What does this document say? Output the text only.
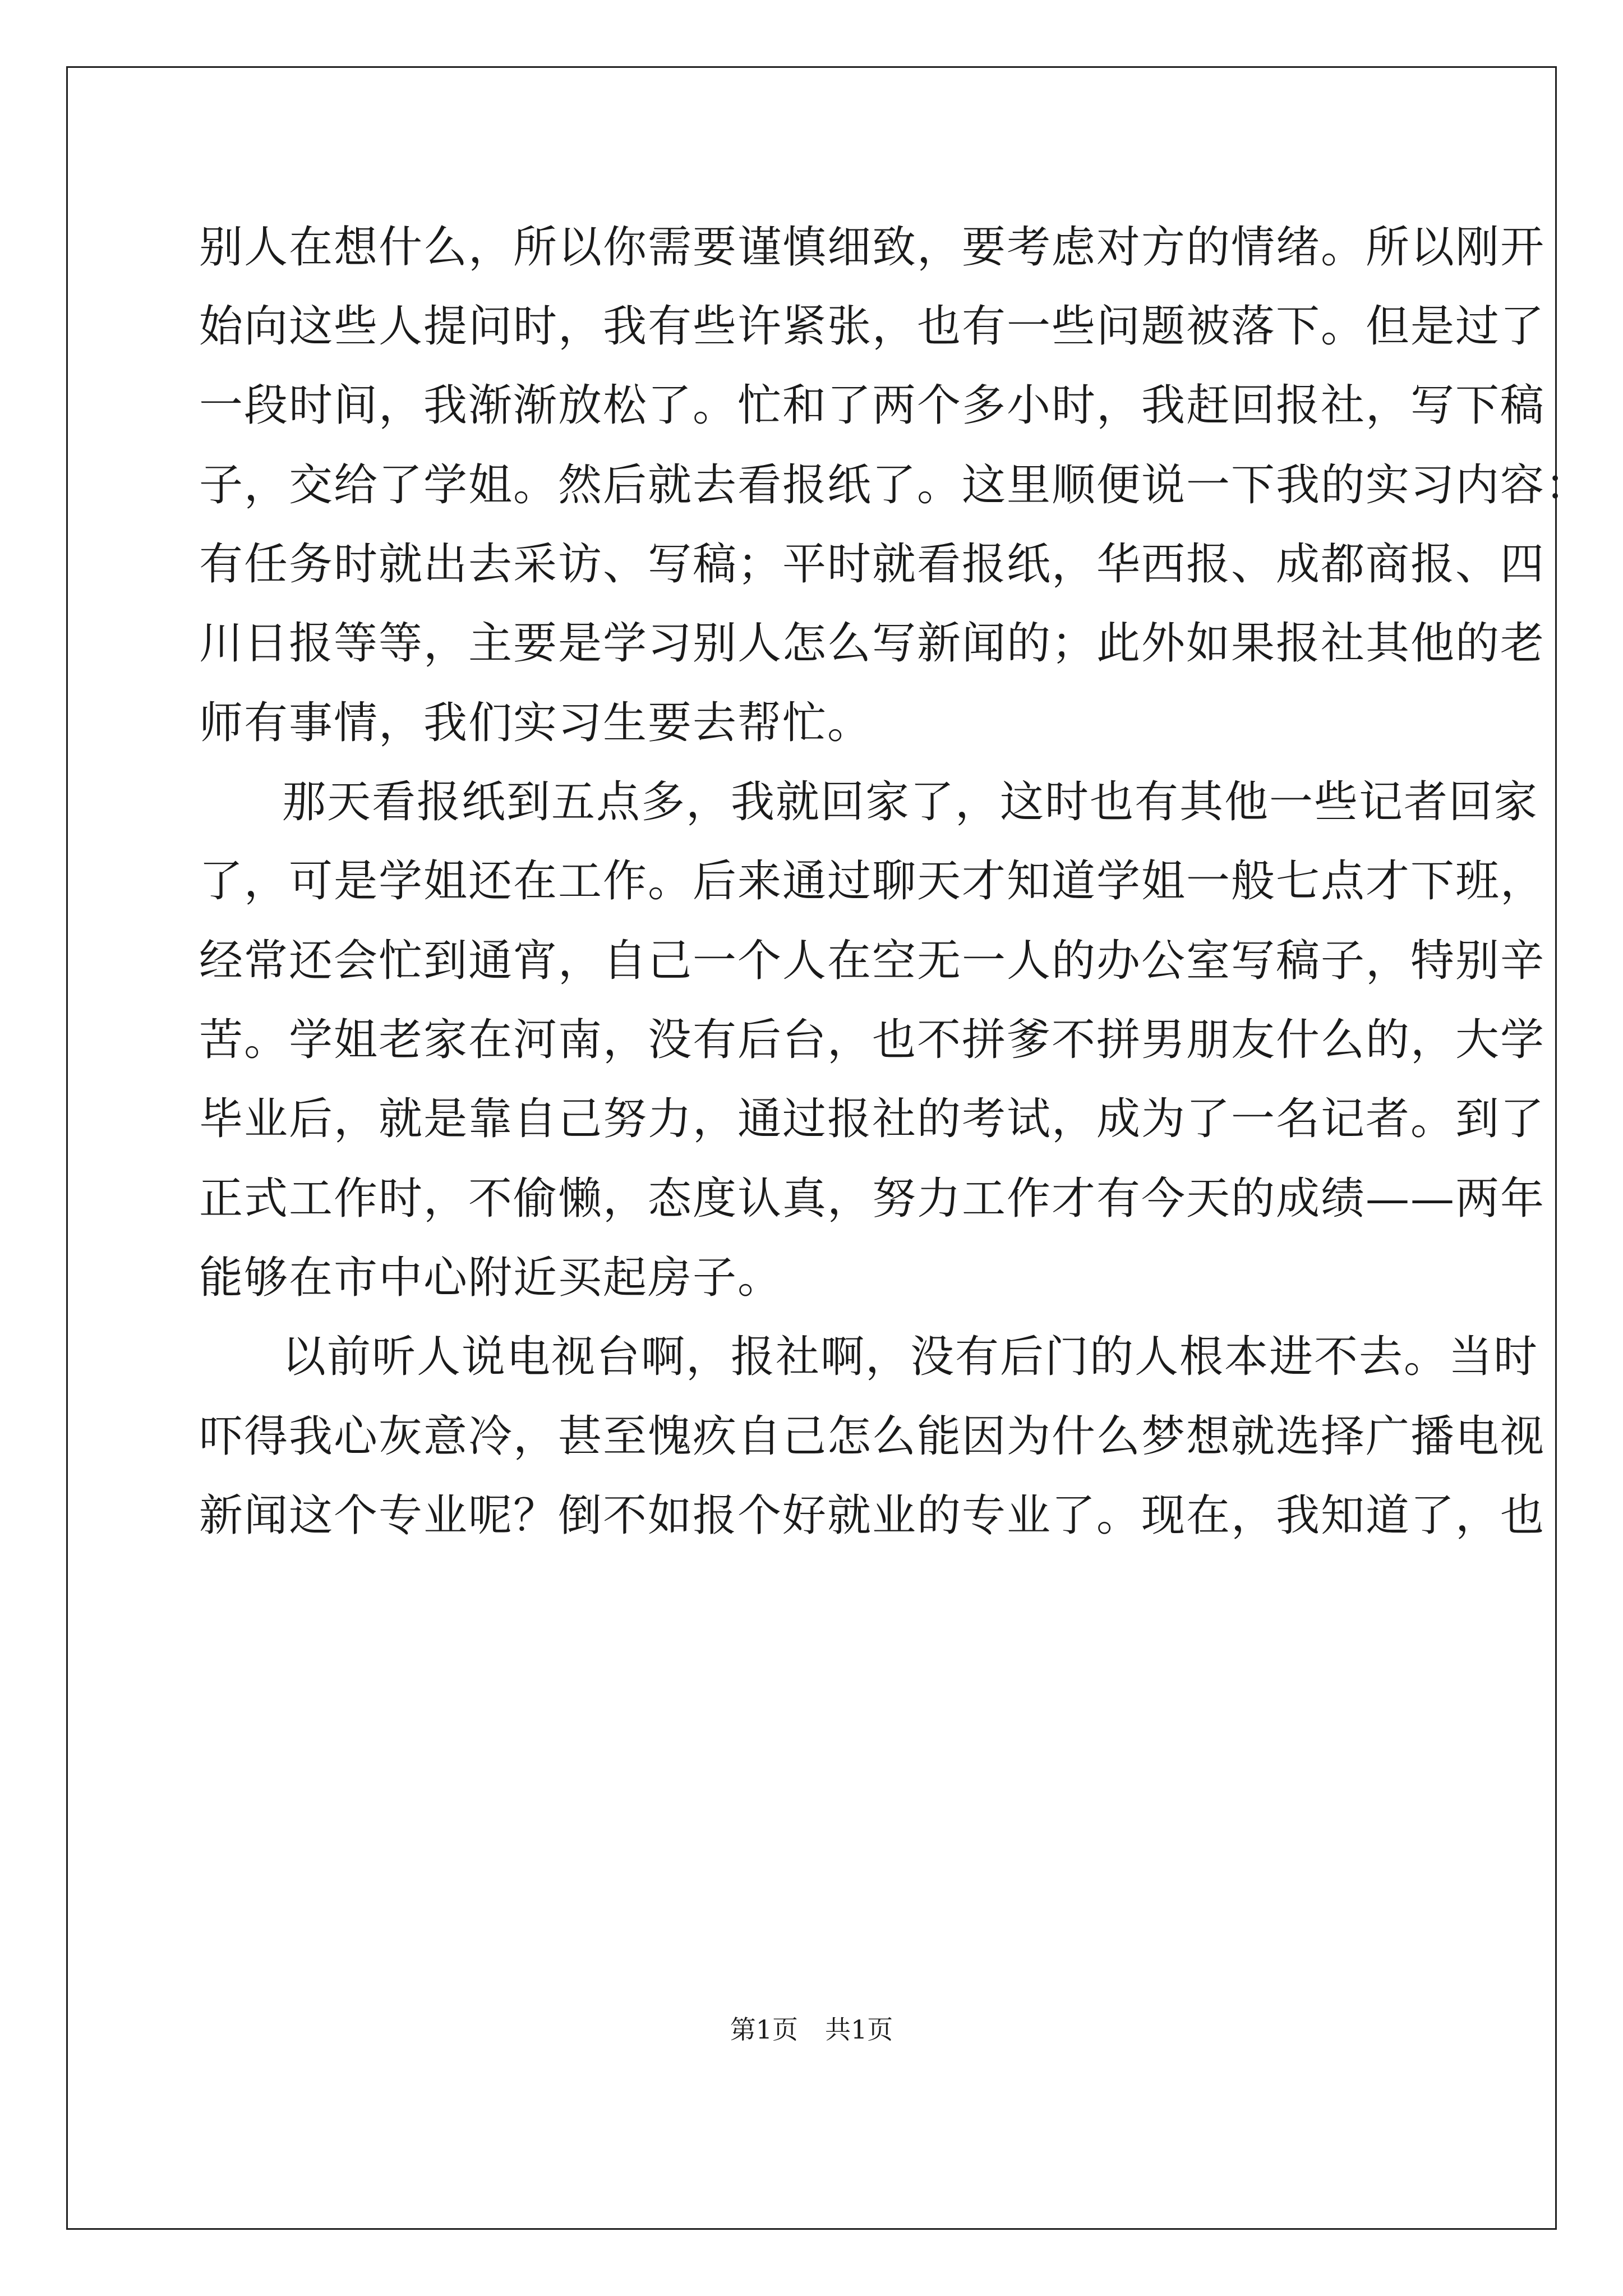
别人在想什么，所以你需要谨慎细致，要考虑对方的情绪。所以刚开
始向这些人提问时，我有些许紧张，也有一些问题被落下。但是过了
一段时间，我渐渐放松了。忙和了两个多小时，我赶回报社，写下稿
子，交给了学姐。然后就去看报纸了。这里顺便说一下我的实习内容：
有任务时就出去采访、写稿；平时就看报纸，华西报、成都商报、四
川日报等等，主要是学习别人怎么写新闻的；此外如果报社其他的老
师有事情，我们实习生要去帮忙。
那天看报纸到五点多，我就回家了，这时也有其他一些记者回家
了，可是学姐还在工作。后来通过聊天才知道学姐一般七点才下班，
经常还会忙到通宵，自己一个人在空无一人的办公室写稿子，特别辛
苦。学姐老家在河南，没有后台，也不拼爹不拼男朋友什么的，大学
毕业后，就是靠自己努力，通过报社的考试，成为了一名记者。到了
正式工作时，不偷懒，态度认真，努力工作才有今天的成绩——两年
能够在市中心附近买起房子。
以前听人说电视台啊，报社啊，没有后门的人根本进不去。当时
吓得我心灰意冷，甚至愧疚自己怎么能因为什么梦想就选择广播电视
新闻这个专业呢？倒不如报个好就业的专业了。现在，我知道了，也
第1页 共1页
